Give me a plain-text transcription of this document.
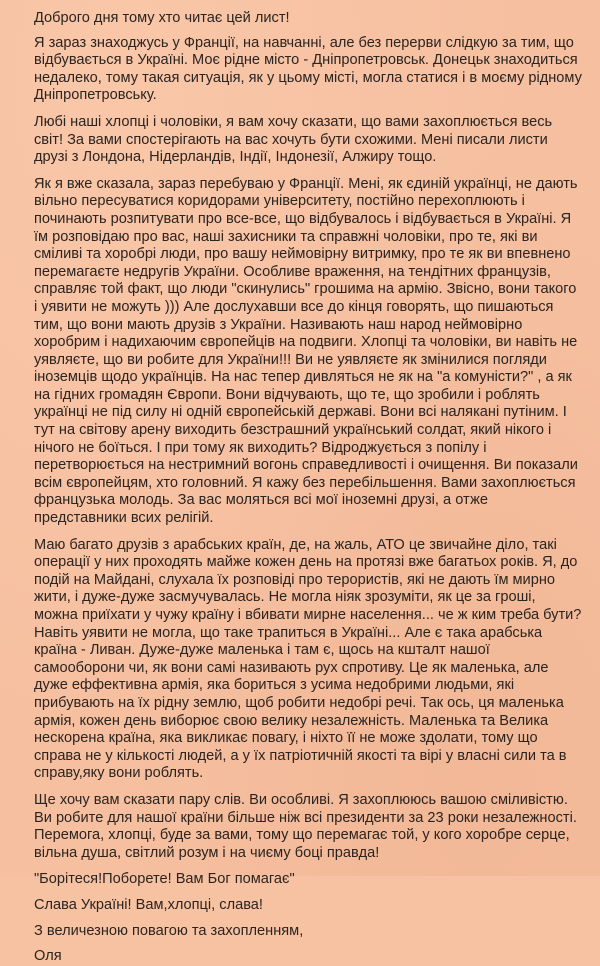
Доброго дня тому хто читає цей лист!

Я зараз знаходжусь у Франції, на навчанні, але без перерви слідкую за тим, що відбувається в Україні. Моє рідне місто - Дніпропетровськ. Донецьк знаходиться недалеко, тому такая ситуація, як у цьому місті, могла статися і в моєму рідному Дніпропетровську.

Любі наші хлопці і чоловіки, я вам хочу сказати, що вами захоплюється весь світ! За вами спостерігають на вас хочуть бути схожими. Мені писали листи друзі з Лондона, Нідерландів, Індії, Індонезії, Алжиру тощо.

Як я вже сказала, зараз перебуваю у Франції. Мені, як єдиній українці, не дають вільно пересуватися коридорами університету, постійно перехоплюють і починають розпитувати про все-все, що відбувалось і відбувається в Україні. Я їм розповідаю про вас, наші захисники та справжні чоловіки, про те, які ви сміливі та хоробрі люди, про вашу неймовірну витримку, про те як ви впевнено перемагаєте недругів України. Особливе враження, на тендітних французів, справляє той факт, що люди "скинулись" грошима на армію. Звісно, вони такого і уявити не можуть ))) Але дослухавши все до кінця говорять, що пишаються тим, що вони мають друзів з України. Називають наш народ неймовірно хоробрим і надихаючим європейців на подвиги. Хлопці та чоловіки, ви навіть не уявляєте, що ви робите для України!!! Ви не уявляєте як змінилися погляди іноземців щодо українців. На нас тепер дивляться не як на "а комуністи?" , а як на гідних громадян Європи. Вони відчувають, що те, що зробили і роблять українці не під силу ні одній європейській державі. Вони всі налякані путіним. І тут на світову арену виходить безстрашний український солдат, який нікого і нічого не боїться. І при тому як виходить? Відроджується з попілу і перетворюється на нестримний вогонь справедливості і очищення. Ви показали всім європейцям, хто головний. Я кажу без перебільшення. Вами захоплюється французька молодь. За вас моляться всі мої іноземні друзі, а отже представники всих релігій.

Маю багато друзів з арабських країн, де, на жаль, АТО це звичайне діло, такі операції у них проходять майже кожен день на протязі вже багатьох років. Я, до подій на Майдані, слухала їх розповіді про терористів, які не дають їм мирно жити, і дуже-дуже засмучувалась. Не могла ніяк зрозуміти, як це за гроші, можна приїхати у чужу країну і вбивати мирне населення... че ж ким треба бути? Навіть уявити не могла, що таке трапиться в Україні... Але є така арабська країна - Ливан. Дуже-дуже маленька і там є, щось на кшталт нашої самооборони чи, як вони самі називають рух спротиву. Це як маленька, але дуже еффективна армія, яка бориться з усима недобрими людьми, які прибувають на їх рідну землю, щоб робити недобрі речі. Так ось, ця маленька армія, кожен день виборює свою велику незалежність. Маленька та Велика нескорена країна, яка викликає повагу, і ніхто її не може здолати, тому що справа не у кількості людей, а у їх патріотичній якості та вірі у власні сили та в справу,яку вони роблять.

Ще хочу вам сказати пару слів. Ви особливі. Я захоплююсь вашою сміливістю. Ви робите для нашої країни більше ніж всі президенти за 23 роки незалежності. Перемога, хлопці, буде за вами, тому що перемагає той, у кого хоробре серце, вільна душа, світлий розум і на чиєму боці правда!

"Борітеся!Поборете! Вам Бог помагає"

Слава Україні! Вам,хлопці, слава!

З величезною повагою та захопленням,

Оля
